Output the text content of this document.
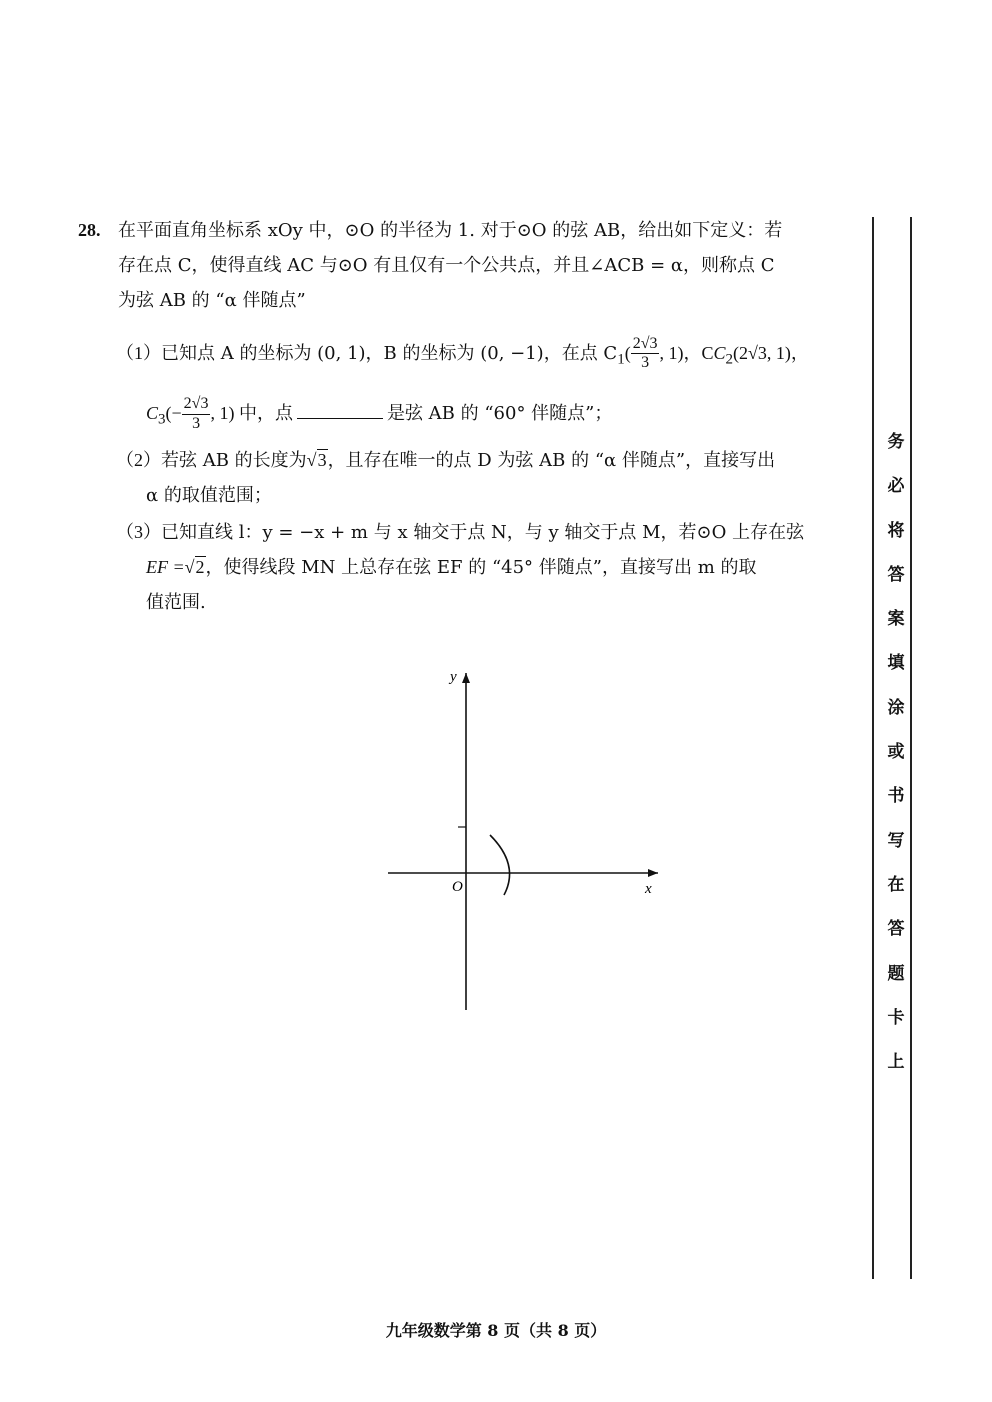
28. 在平面直角坐标系 xOy 中，⊙O 的半径为 1. 对于⊙O 的弦 AB，给出如下定义：若
存在点 C，使得直线 AC 与⊙O 有且仅有一个公共点，并且∠ACB = α，则称点 C
为弦 AB 的 “α 伴随点”
（1）已知点 A 的坐标为 (0, 1)，B 的坐标为 (0, −1)，在点 $C_1( \frac{2√3}{3}$ , 1)，$CC_2(2√3$, 1)，
$C_3(- \frac{2√3}{3}$ , 1) 中，点	是弦 AB 的 “60° 伴随点”；
（2）若弦 AB 的长度为√3，且存在唯一的点 D 为弦 AB 的 “α 伴随点”，直接写出
α 的取值范围；
（3）已知直线 l：y = −x + m 与 x 轴交于点 N，与 y 轴交于点 M，若⊙O 上存在弦
EF =√2，使得线段 MN 上总存在弦 EF 的 “45° 伴随点”，直接写出 m 的取
值范围.
y
x
O
务
必
将
答
案
填
涂
或
书
写
在
答
题
卡
上
九年级数学第 8 页（共 8 页）
